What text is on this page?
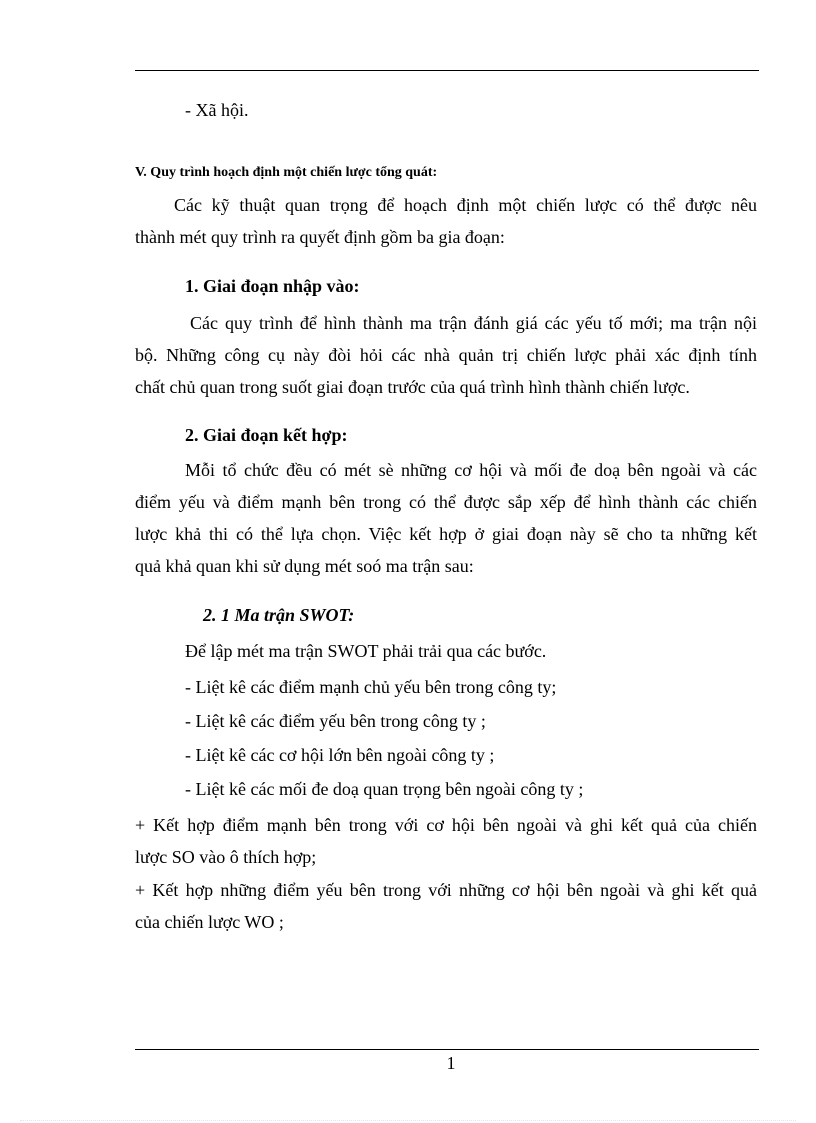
- Xã hội.
V. Quy trình hoạch định một chiến lược tổng quát:
Các kỹ thuật quan trọng để hoạch định một chiến lược có thể được nêu
thành mét quy trình ra quyết định gồm ba gia đoạn:
1. Giai đoạn nhập vào:
Các quy trình để hình thành ma trận đánh giá các yếu tố mới; ma trận nội
bộ. Những công cụ này đòi hỏi các nhà quản trị chiến lược phải xác định tính
chất chủ quan trong suốt giai đoạn trước của quá trình hình thành chiến lược.
2. Giai đoạn kết hợp:
Mỗi tổ chức đều có mét sè những cơ hội và mối đe doạ bên ngoài và các
điểm yếu và điểm mạnh bên trong có thể được sắp xếp để hình thành các chiến
lược khả thi có thể lựa chọn. Việc kết hợp ở giai đoạn này sẽ cho ta những kết
quả khả quan khi sử dụng mét soó ma trận sau:
2. 1 Ma trận SWOT:
Để lập mét ma trận SWOT phải trải qua các bước.
- Liệt kê các điểm mạnh chủ yếu bên trong công ty;
- Liệt kê các điểm yếu bên trong công ty ;
- Liệt kê các cơ hội lớn bên ngoài công ty ;
- Liệt kê các mối đe doạ quan trọng bên ngoài công ty ;
+ Kết hợp điểm mạnh bên trong với cơ hội bên ngoài và ghi kết quả của chiến
lược SO vào ô thích hợp;
+ Kết hợp những điểm yếu bên trong với những cơ hội bên ngoài và ghi kết quả
của chiến lược WO ;
1
